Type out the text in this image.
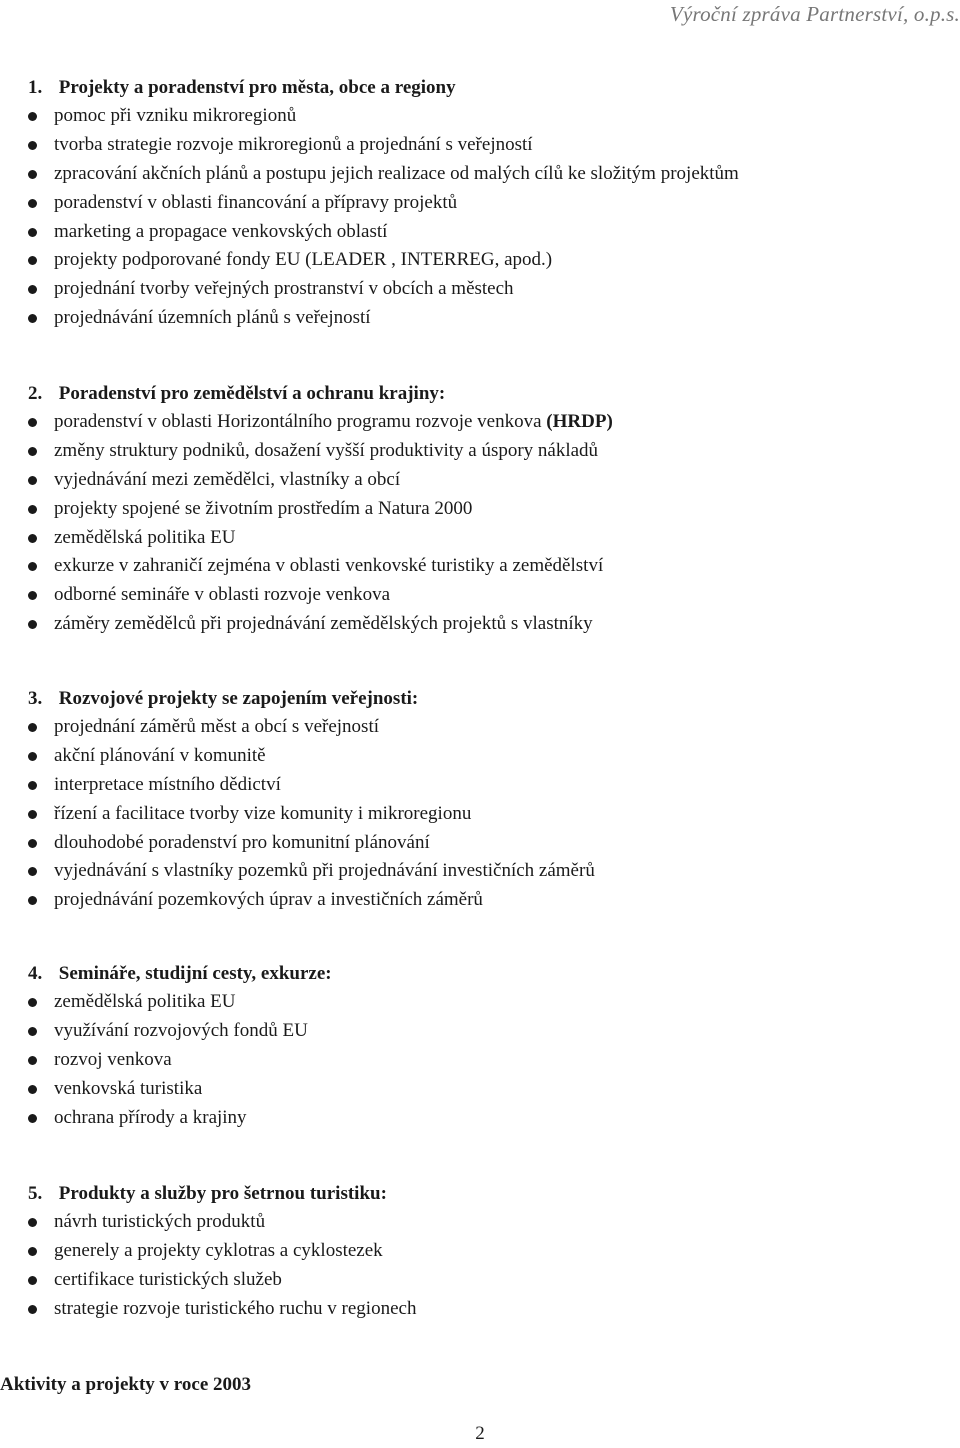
Výroční zpráva Partnerství, o.p.s.
1. Projekty a poradenství pro města, obce a regiony
pomoc při vzniku mikroregionů
tvorba strategie rozvoje mikroregionů a projednání s veřejností
zpracování akčních plánů a postupu jejich realizace od malých cílů ke složitým projektům
poradenství v oblasti financování a přípravy projektů
marketing a propagace venkovských oblastí
projekty podporované fondy EU (LEADER , INTERREG, apod.)
projednání tvorby veřejných prostranství v obcích a městech
projednávání územních plánů s veřejností
2. Poradenství pro zemědělství a ochranu krajiny:
poradenství v oblasti Horizontálního programu rozvoje venkova (HRDP)
změny struktury podniků, dosažení vyšší produktivity a úspory nákladů
vyjednávání mezi zemědělci, vlastníky a obcí
projekty spojené se životním prostředím a Natura 2000
zemědělská politika EU
exkurze v zahraničí zejména v oblasti venkovské turistiky a zemědělství
odborné semináře v oblasti rozvoje venkova
záměry zemědělců při projednávání zemědělských projektů s vlastníky
3. Rozvojové projekty se zapojením veřejnosti:
projednání záměrů měst a obcí s veřejností
akční plánování v komunitě
interpretace místního dědictví
řízení a facilitace tvorby vize komunity i mikroregionu
dlouhodobé poradenství pro komunitní plánování
vyjednávání s vlastníky pozemků při projednávání investičních záměrů
projednávání pozemkových úprav a investičních záměrů
4. Semináře, studijní cesty, exkurze:
zemědělská politika EU
využívání rozvojových fondů EU
rozvoj venkova
venkovská turistika
ochrana přírody a krajiny
5. Produkty a služby pro šetrnou turistiku:
návrh turistických produktů
generely a projekty cyklotras a cyklostezek
certifikace turistických služeb
strategie rozvoje turistického ruchu v regionech
Aktivity a projekty v roce 2003
2
